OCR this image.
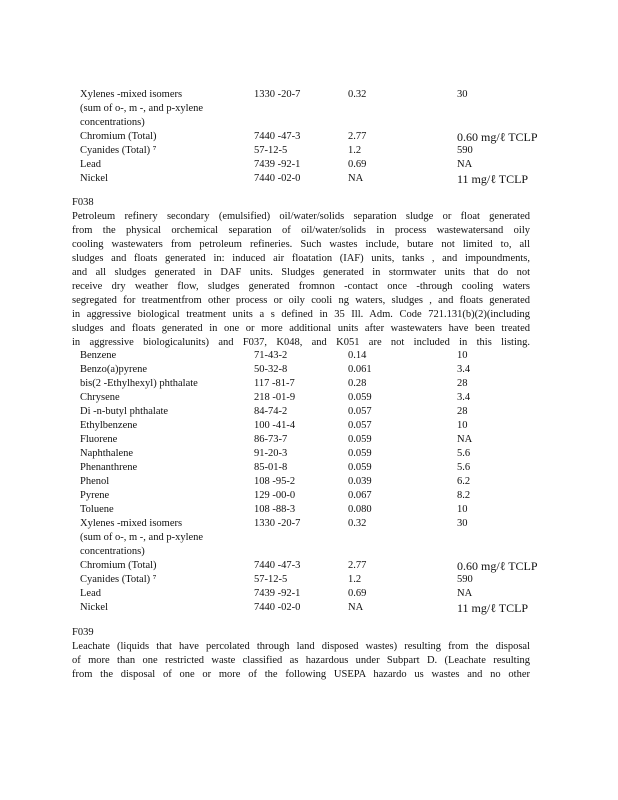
Xylenes -mixed isomers	1330 -20-7	0.32	30
(sum of o-, m -, and p-xylene
concentrations)
Chromium (Total)	7440 -47-3	2.77	0.60 mg/ℓ TCLP
Cyanides (Total) ⁷	57-12-5	1.2	590
Lead	7439 -92-1	0.69	NA
Nickel	7440 -02-0	NA	11 mg/ℓ TCLP
F038

Petroleum refinery secondary (emulsified) oil/water/solids separation sludge or float generated

from the physical orchemical separation of oil/water/solids in process wastewatersand oily

cooling wastewaters from petroleum refineries. Such wastes include, butare not limited to, all

sludges and floats generated in: induced air floatation (IAF) units, tanks , and impoundments,

and all sludges generated in DAF units. Sludges generated in stormwater units that do not

receive dry weather flow, sludges generated fromnon -contact once -through cooling waters

segregated for treatmentfrom other process or oily cooli ng waters, sludges , and floats generated

in aggressive biological treatment units a s defined in 35 Ill. Adm. Code 721.131(b)(2)(including

sludges and floats generated in one or more additional units after wastewaters have been treated

in aggressive biologicalunits) and F037, K048, and K051 are not included in this listing.

Benzene	71-43-2	0.14	10
Benzo(a)pyrene	50-32-8	0.061	3.4
bis(2 -Ethylhexyl) phthalate	117 -81-7	0.28	28
Chrysene	218 -01-9	0.059	3.4
Di -n-butyl phthalate	84-74-2	0.057	28
Ethylbenzene	100 -41-4	0.057	10
Fluorene	86-73-7	0.059	NA
Naphthalene	91-20-3	0.059	5.6
Phenanthrene	85-01-8	0.059	5.6
Phenol	108 -95-2	0.039	6.2
Pyrene	129 -00-0	0.067	8.2
Toluene	108 -88-3	0.080	10
Xylenes -mixed isomers	1330 -20-7	0.32	30
(sum of o-, m -, and p-xylene
concentrations)
Chromium (Total)	7440 -47-3	2.77	0.60 mg/ℓ TCLP
Cyanides (Total) ⁷	57-12-5	1.2	590
Lead	7439 -92-1	0.69	NA
Nickel	7440 -02-0	NA	11 mg/ℓ TCLP
F039

Leachate (liquids that have percolated through land disposed wastes) resulting from the disposal

of more than one restricted waste classified as hazardous under Subpart D. (Leachate resulting

from the disposal of one or more of the following USEPA hazardo us wastes and no other
